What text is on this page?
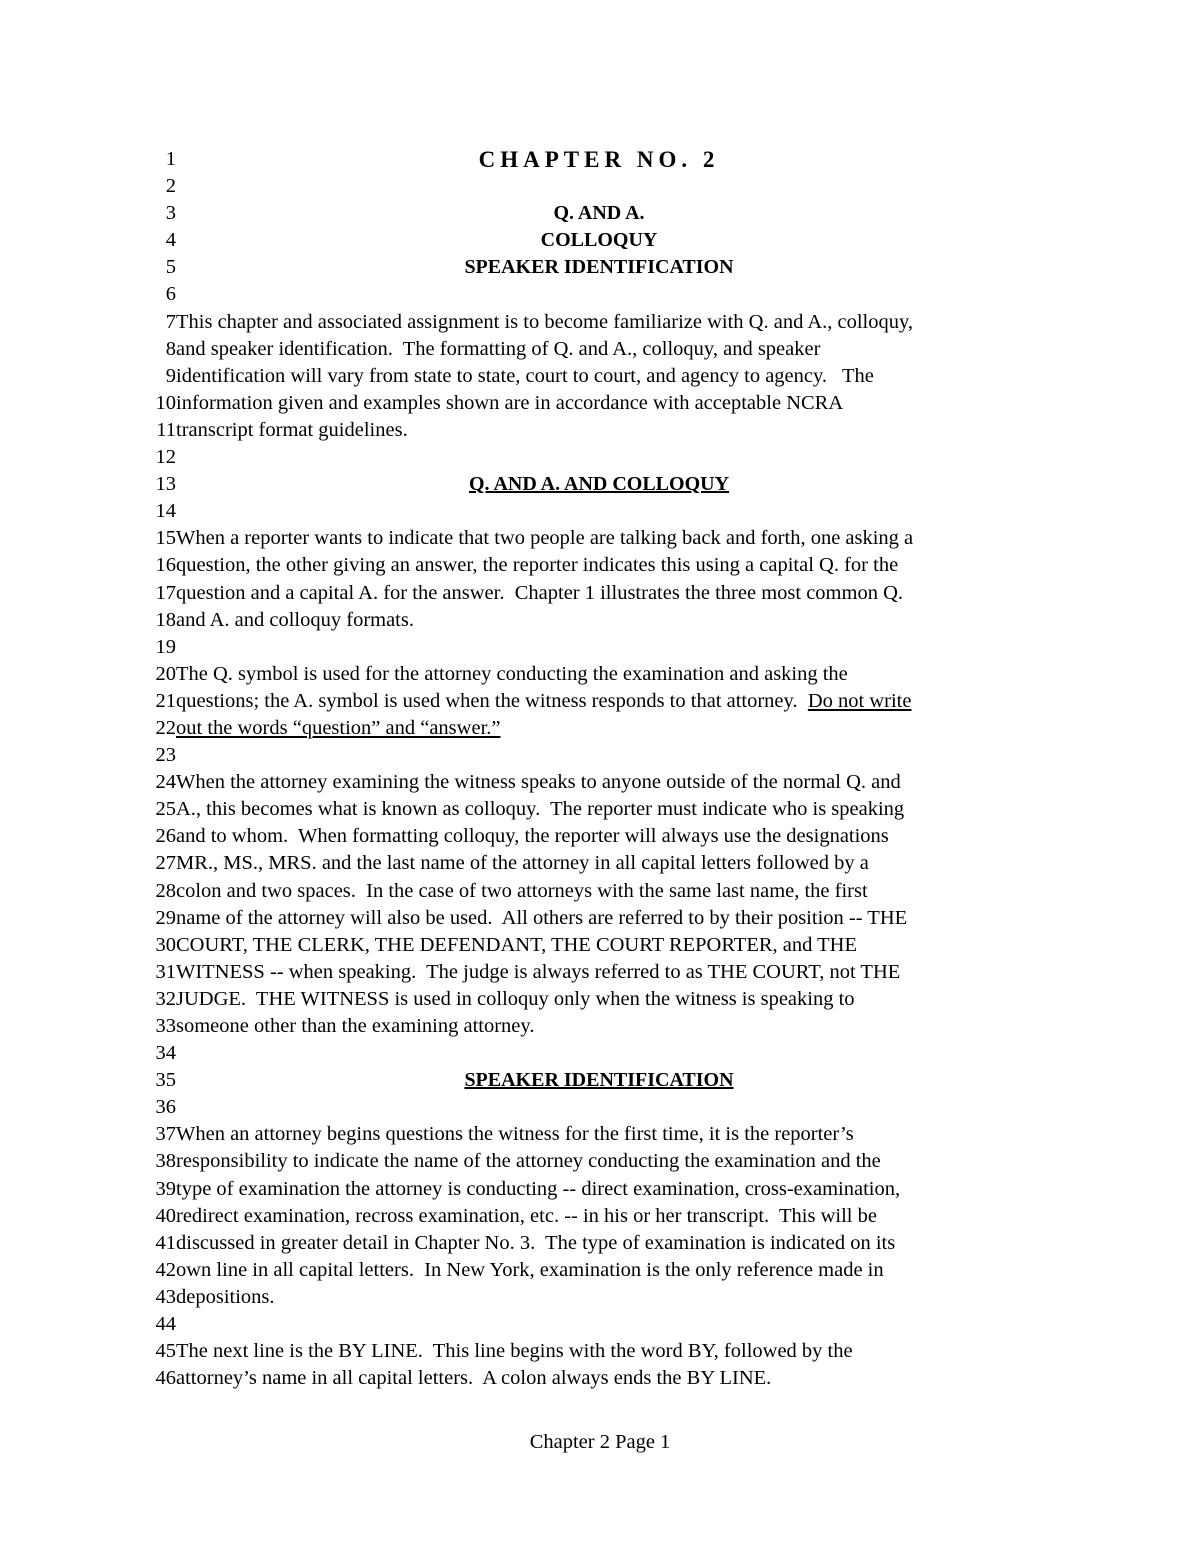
1	CHAPTER NO. 2
2
3	Q. AND A.
4	COLLOQUY
5	SPEAKER IDENTIFICATION
6
7 This chapter and associated assignment is to become familiarize with Q. and A., colloquy,
8 and speaker identification.  The formatting of Q. and A., colloquy, and speaker
9 identification will vary from state to state, court to court, and agency to agency.   The
10 information given and examples shown are in accordance with acceptable NCRA
11 transcript format guidelines.
12
13	Q. AND A. AND COLLOQUY
14
15 When a reporter wants to indicate that two people are talking back and forth, one asking a
16 question, the other giving an answer, the reporter indicates this using a capital Q. for the
17 question and a capital A. for the answer.  Chapter 1 illustrates the three most common Q.
18 and A. and colloquy formats.
19
20 The Q. symbol is used for the attorney conducting the examination and asking the
21 questions; the A. symbol is used when the witness responds to that attorney.  Do not write
22 out the words “question” and “answer.”
23
24 When the attorney examining the witness speaks to anyone outside of the normal Q. and
25 A., this becomes what is known as colloquy.  The reporter must indicate who is speaking
26 and to whom.  When formatting colloquy, the reporter will always use the designations
27 MR., MS., MRS. and the last name of the attorney in all capital letters followed by a
28 colon and two spaces.  In the case of two attorneys with the same last name, the first
29 name of the attorney will also be used.  All others are referred to by their position -- THE
30 COURT, THE CLERK, THE DEFENDANT, THE COURT REPORTER, and THE
31 WITNESS -- when speaking.  The judge is always referred to as THE COURT, not THE
32 JUDGE.  THE WITNESS is used in colloquy only when the witness is speaking to
33 someone other than the examining attorney.
34
35	SPEAKER IDENTIFICATION
36
37 When an attorney begins questions the witness for the first time, it is the reporter’s
38 responsibility to indicate the name of the attorney conducting the examination and the
39 type of examination the attorney is conducting -- direct examination, cross-examination,
40 redirect examination, recross examination, etc. -- in his or her transcript.  This will be
41 discussed in greater detail in Chapter No. 3.  The type of examination is indicated on its
42 own line in all capital letters.  In New York, examination is the only reference made in
43 depositions.
44
45 The next line is the BY LINE.  This line begins with the word BY, followed by the
46 attorney’s name in all capital letters.  A colon always ends the BY LINE.
Chapter 2 Page 1
